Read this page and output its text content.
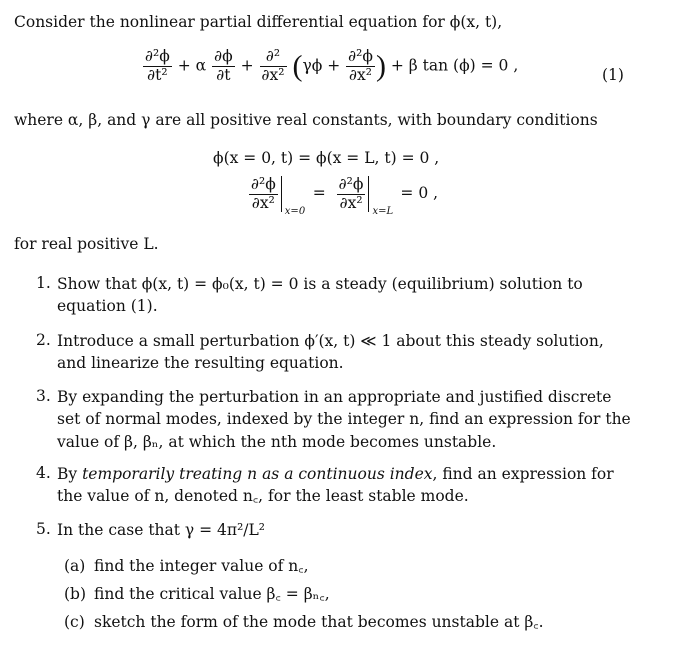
Consider the nonlinear partial differential equation for ϕ(x, t),
$\frac{\text{∂²ϕ}}{\text{∂t²}} + \alpha \frac{\partial\phi}{\partial t} + \frac{\text{∂²}}{\text{∂x²}} (\gamma\phi + \frac{\text{∂²ϕ}}{\text{∂x²}}$ ) + β tan (ϕ) = 0 ,
(1)
where α, β, and γ are all positive real constants, with boundary conditions
ϕ(x = 0, t) = ϕ(x = L, t) = 0 ,
$\frac{\text{∂²ϕ}}{\text{∂x²}} x=0$
= $\frac{\text{∂²ϕ}}{\text{∂x²}} x=L$
= 0 ,
for real positive L.
1. Show that ϕ(x, t) = ϕ₀(x, t) = 0 is a steady (equilibrium) solution to equation (1).
2. Introduce a small perturbation ϕ′(x, t) ≪ 1 about this steady solution, and linearize the resulting equation.
3. By expanding the perturbation in an appropriate and justified discrete set of normal modes, indexed by the integer n, find an expression for the value of β, βₙ, at which the nth mode becomes unstable.
4. By temporarily treating n as a continuous index, find an expression for the value of n, denoted n꜀, for the least stable mode.
5. In the case that γ = 4π²/L²
(a) find the integer value of n꜀,
(b) find the critical value β꜀ = βₙ꜀,
(c) sketch the form of the mode that becomes unstable at β꜀.
